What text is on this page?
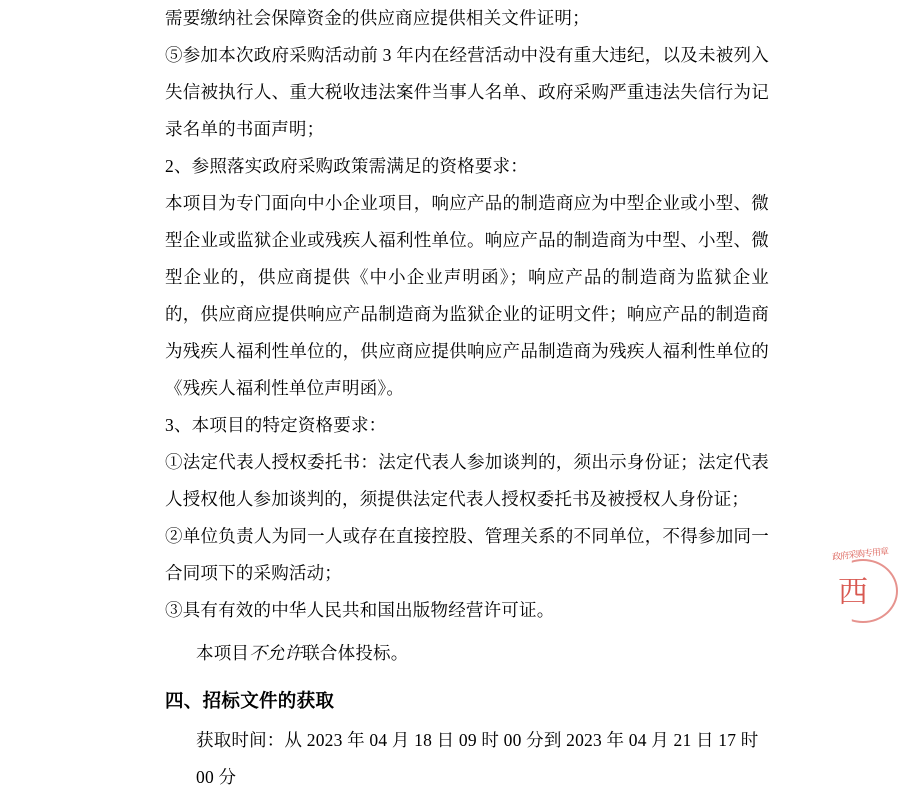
需要缴纳社会保障资金的供应商应提供相关文件证明；

⑤参加本次政府采购活动前 3 年内在经营活动中没有重大违纪，以及未被列入失信被执行人、重大税收违法案件当事人名单、政府采购严重违法失信行为记录名单的书面声明；

2、参照落实政府采购政策需满足的资格要求：

本项目为专门面向中小企业项目，响应产品的制造商应为中型企业或小型、微型企业或监狱企业或残疾人福利性单位。响应产品的制造商为中型、小型、微型企业的，供应商提供《中小企业声明函》；响应产品的制造商为监狱企业的，供应商应提供响应产品制造商为监狱企业的证明文件；响应产品的制造商为残疾人福利性单位的，供应商应提供响应产品制造商为残疾人福利性单位的《残疾人福利性单位声明函》。

3、本项目的特定资格要求：

①法定代表人授权委托书：法定代表人参加谈判的，须出示身份证；法定代表人授权他人参加谈判的，须提供法定代表人授权委托书及被授权人身份证；

②单位负责人为同一人或存在直接控股、管理关系的不同单位，不得参加同一合同项下的采购活动；

③具有有效的中华人民共和国出版物经营许可证。

本项目不允许联合体投标。

四、招标文件的获取

获取时间：从 2023 年 04 月 18 日 09 时 00 分到 2023 年 04 月 21 日 17 时 00 分

政府采购专用章
西
